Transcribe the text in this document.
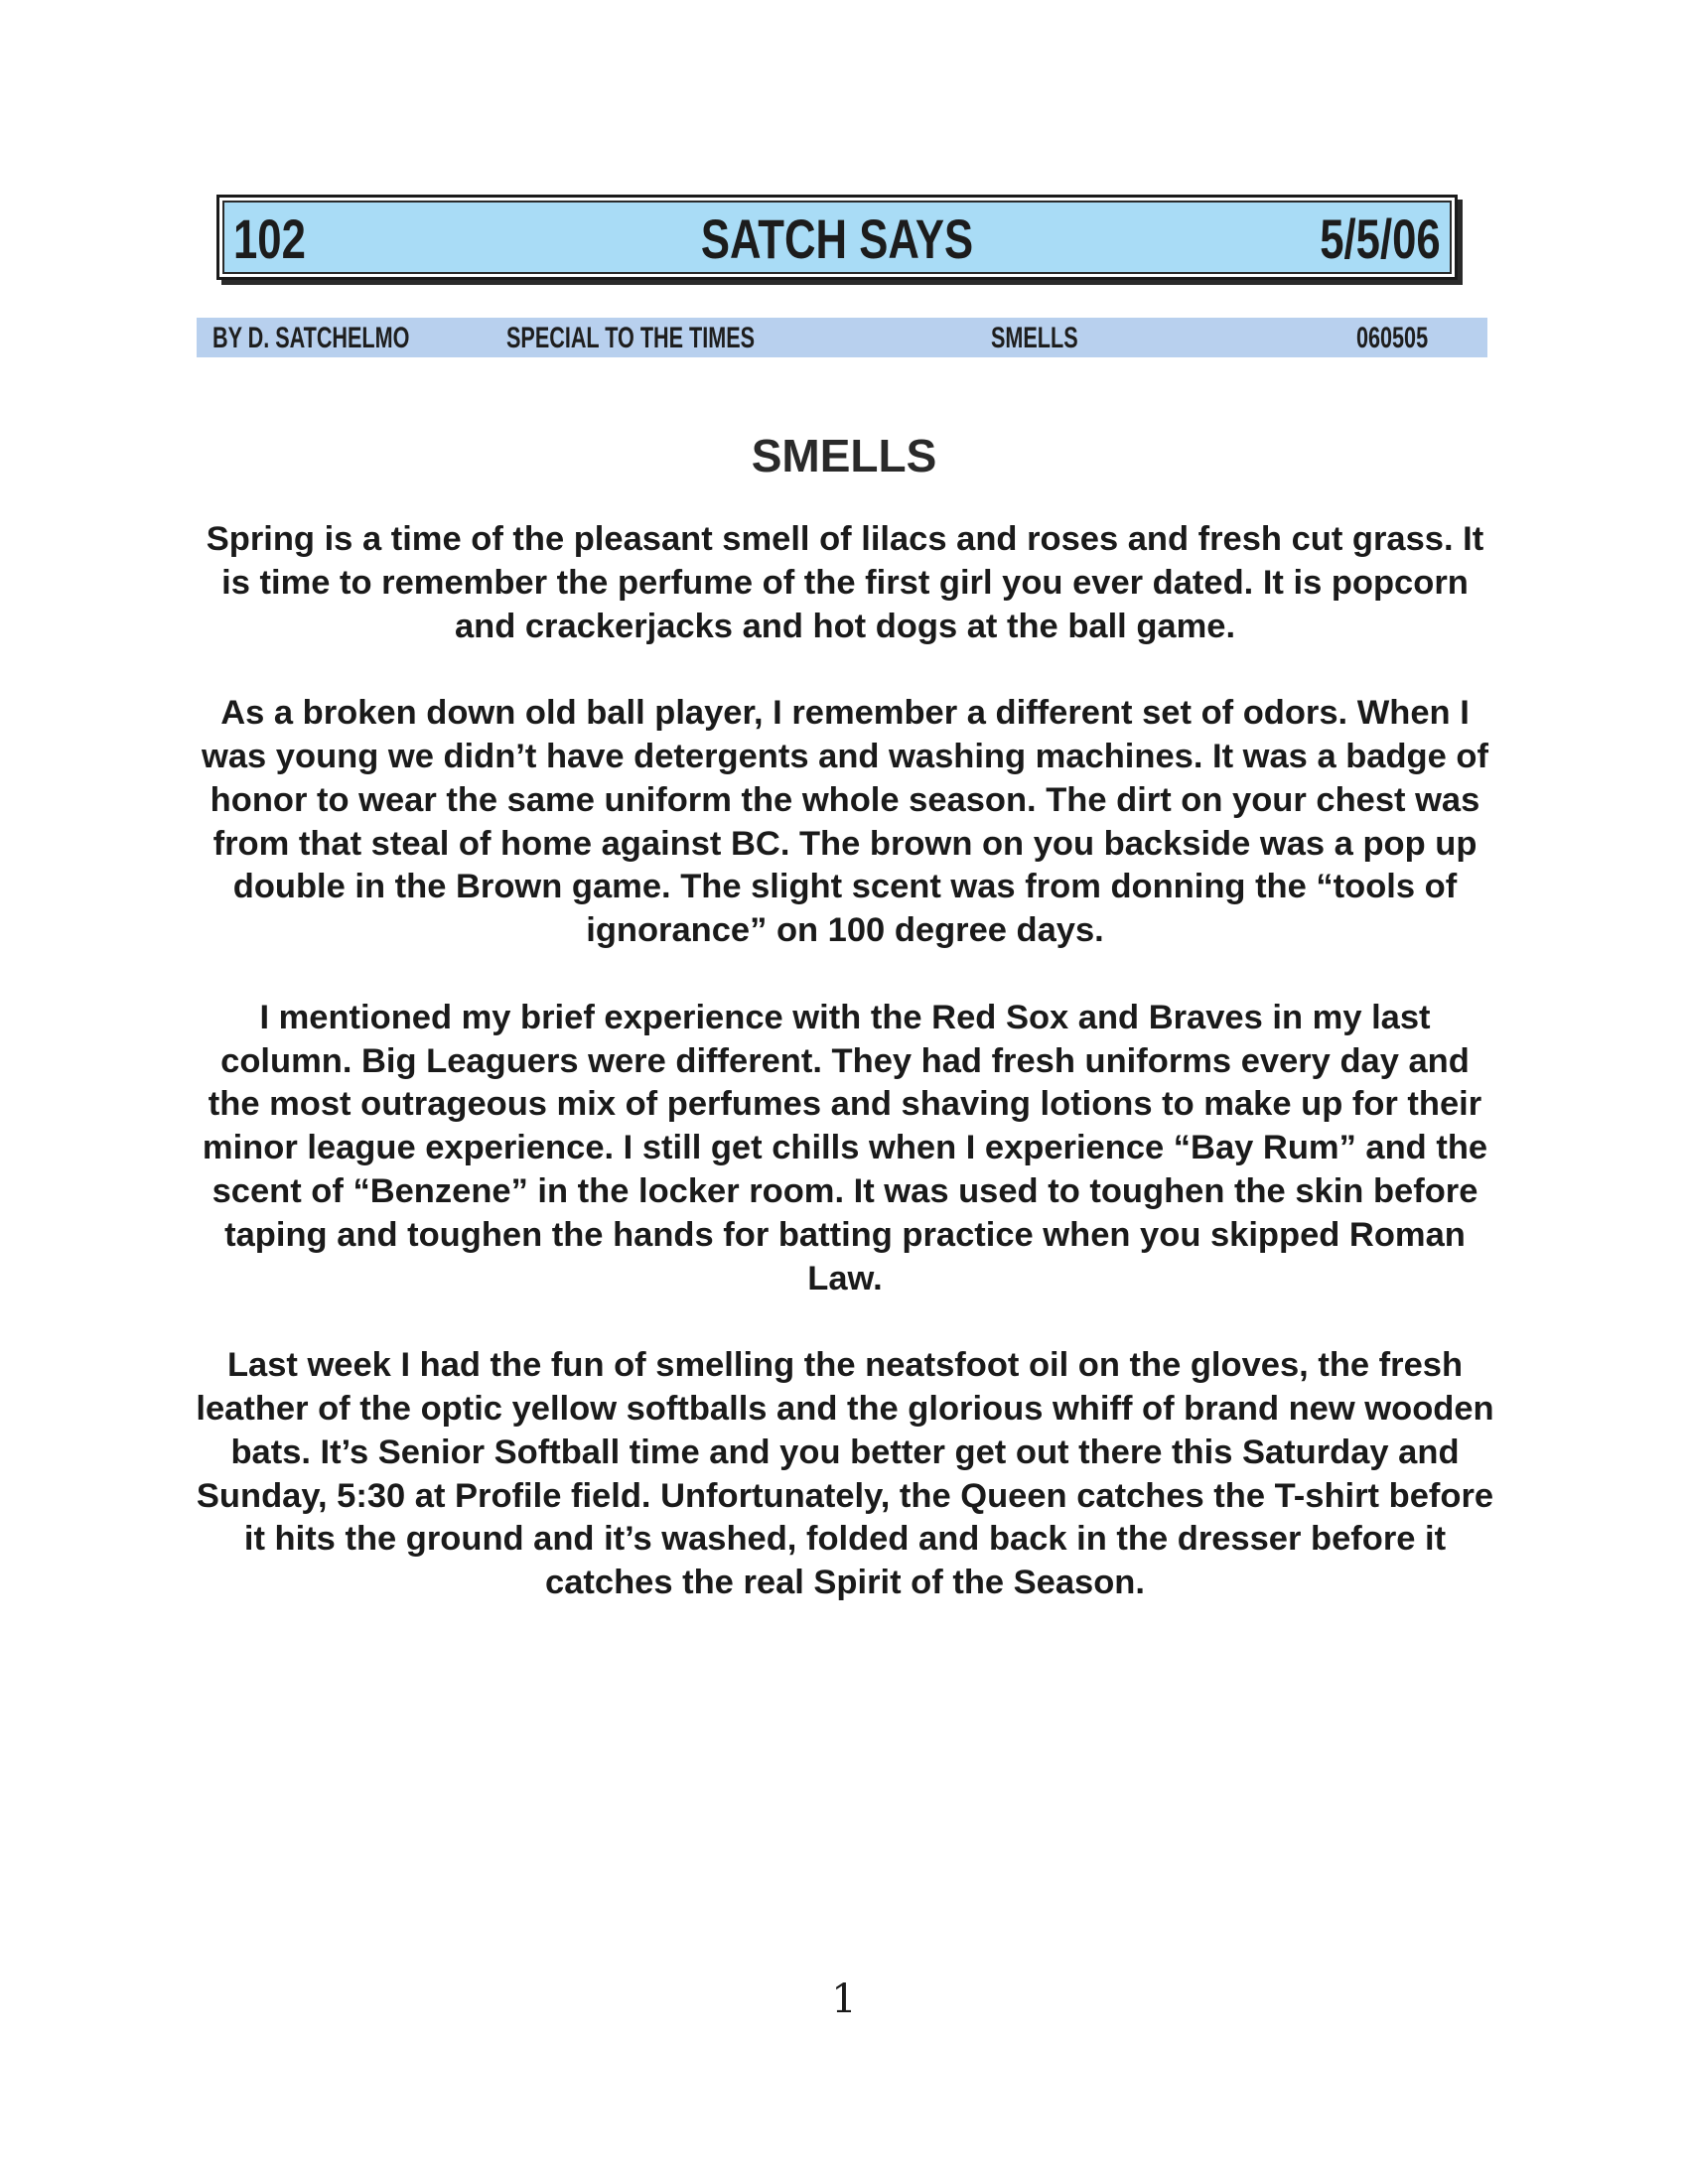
102	SATCH SAYS	5/5/06
BY D. SATCHELMO	SPECIAL TO THE TIMES	SMELLS	060505
SMELLS

Spring is a time of the pleasant smell of lilacs and roses and fresh cut grass. It is time to remember the perfume of the first girl you ever dated. It is popcorn and crackerjacks and hot dogs at the ball game.

As a broken down old ball player, I remember a different set of odors. When I was young we didn’t have detergents and washing machines. It was a badge of honor to wear the same uniform the whole season. The dirt on your chest was from that steal of home against BC. The brown on you backside was a pop up double in the Brown game. The slight scent was from donning the “tools of ignorance” on 100 degree days.

I mentioned my brief experience with the Red Sox and Braves in my last column. Big Leaguers were different. They had fresh uniforms every day and the most outrageous mix of perfumes and shaving lotions to make up for their minor league experience. I still get chills when I experience “Bay Rum” and the scent of “Benzene” in the locker room. It was used to toughen the skin before taping and toughen the hands for batting practice when you skipped Roman Law.

Last week I had the fun of smelling the neatsfoot oil on the gloves, the fresh leather of the optic yellow softballs and the glorious whiff of brand new wooden bats. It’s Senior Softball time and you better get out there this Saturday and Sunday, 5:30 at Profile field. Unfortunately, the Queen catches the T-shirt before it hits the ground and it’s washed, folded and back in the dresser before it catches the real Spirit of the Season.

1
